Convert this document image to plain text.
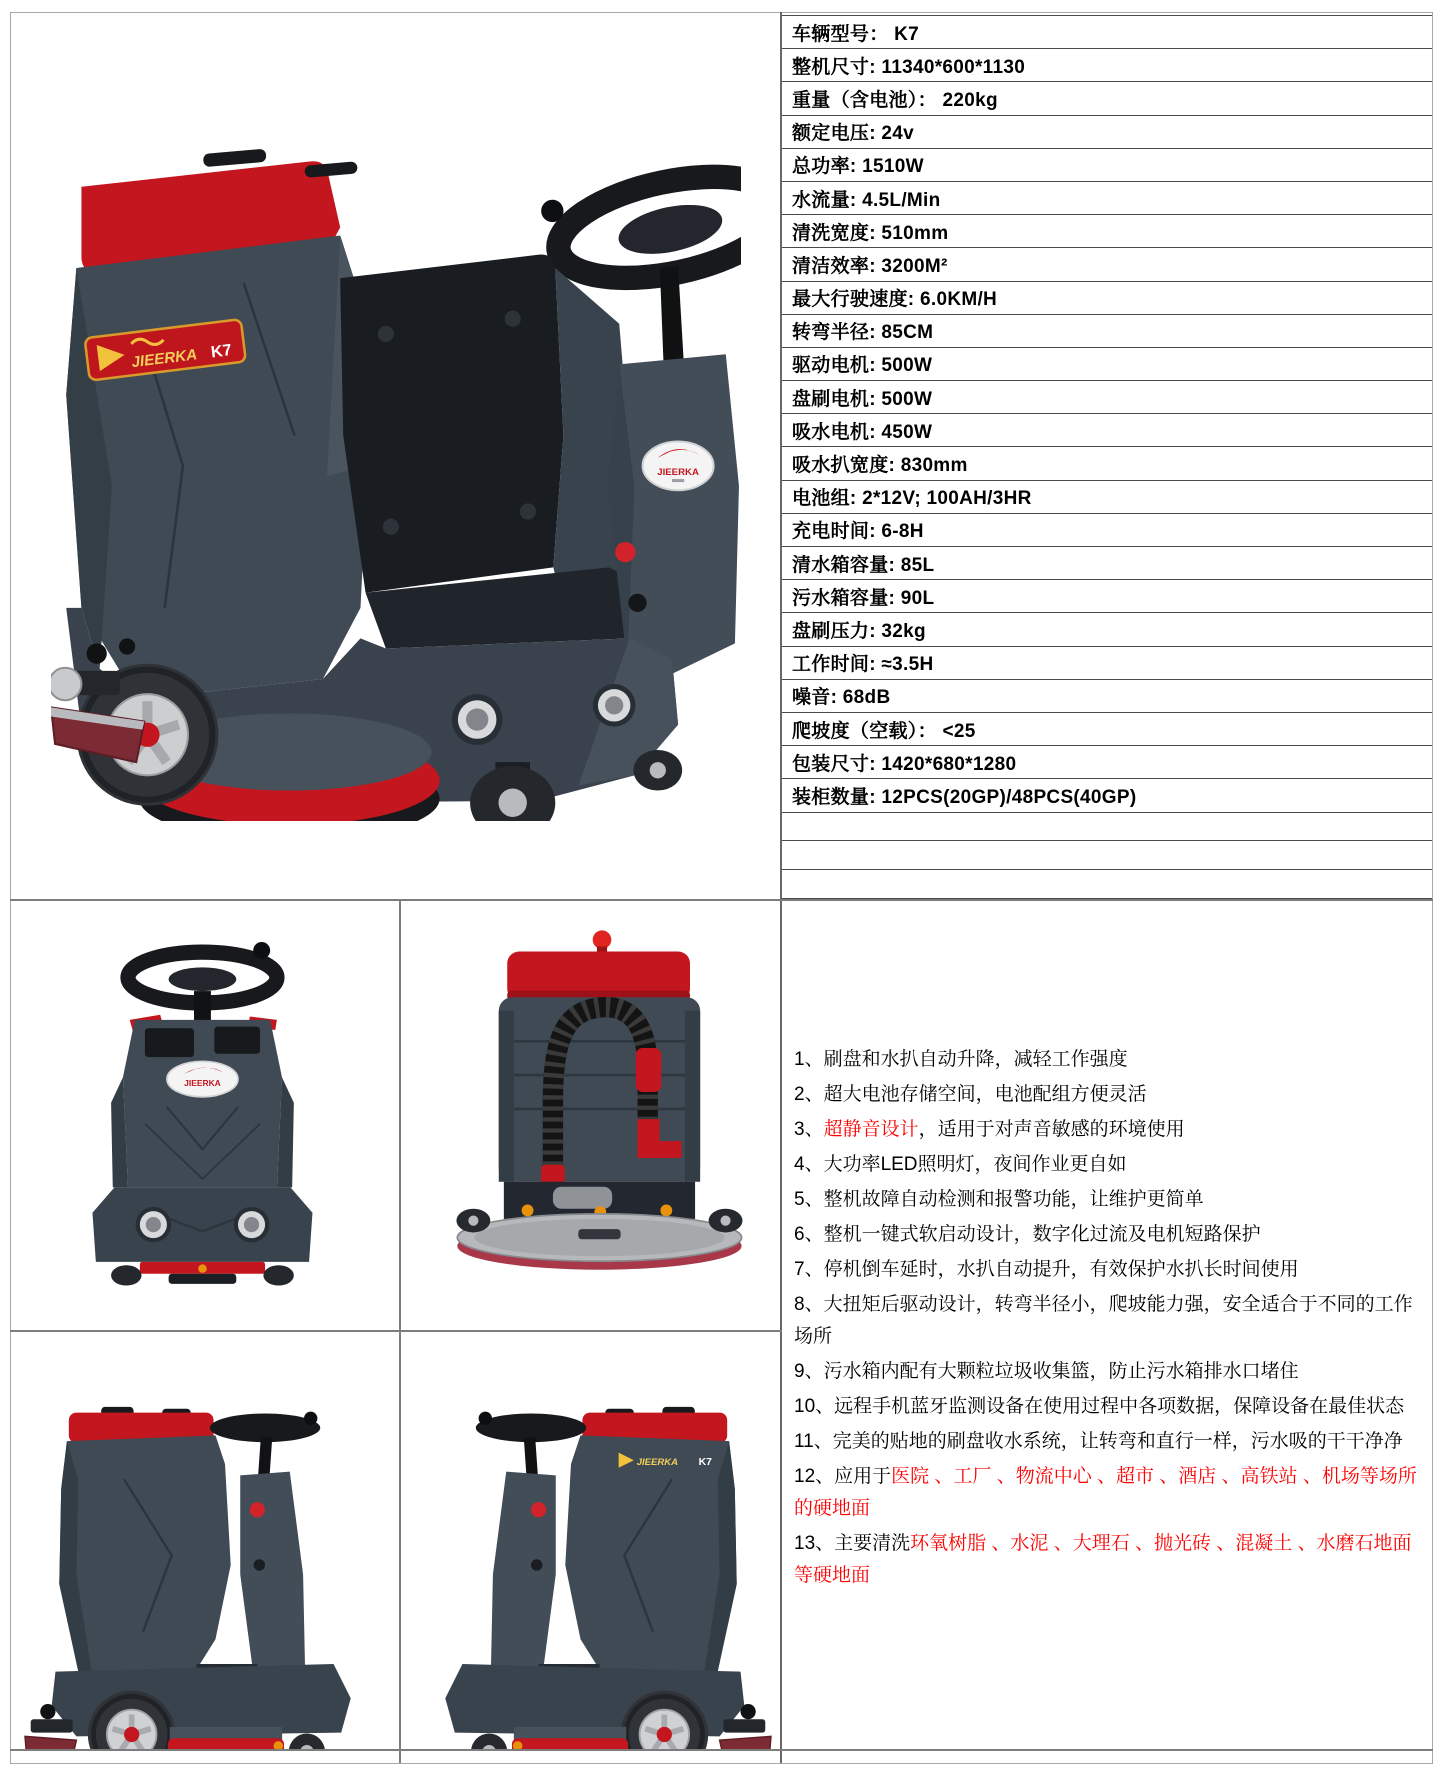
JIEERKA K7
JIEERKA
JIEERKA
JIEERKA K7
车辆型号： K7
整机尺寸: 11340*600*1130
重量（含电池）： 220kg
额定电压: 24v
总功率: 1510W
水流量: 4.5L/Min
清洗宽度: 510mm
清洁效率: 3200M²
最大行驶速度: 6.0KM/H
转弯半径: 85CM
驱动电机: 500W
盘刷电机: 500W
吸水电机: 450W
吸水扒宽度: 830mm
电池组: 2*12V; 100AH/3HR
充电时间: 6-8H
清水箱容量: 85L
污水箱容量: 90L
盘刷压力: 32kg
工作时间: ≈3.5H
噪音: 68dB
爬坡度（空载）： <25
包装尺寸: 1420*680*1280
装柜数量: 12PCS(20GP)/48PCS(40GP)
1、刷盘和水扒自动升降，减轻工作强度
2、超大电池存储空间，电池配组方便灵活
3、超静音设计，适用于对声音敏感的环境使用
4、大功率LED照明灯，夜间作业更自如
5、整机故障自动检测和报警功能，让维护更简单
6、整机一键式软启动设计，数字化过流及电机短路保护
7、停机倒车延时，水扒自动提升，有效保护水扒长时间使用
8、大扭矩后驱动设计，转弯半径小，爬坡能力强，安全适合于不同的工作场所
9、污水箱内配有大颗粒垃圾收集篮，防止污水箱排水口堵住
10、远程手机蓝牙监测设备在使用过程中各项数据，保障设备在最佳状态
11、完美的贴地的刷盘收水系统，让转弯和直行一样，污水吸的干干净净
12、应用于医院 、工厂 、物流中心 、超市 、酒店 、高铁站 、机场等场所的硬地面
13、主要清洗环氧树脂 、水泥 、大理石 、抛光砖 、混凝土 、水磨石地面等硬地面
